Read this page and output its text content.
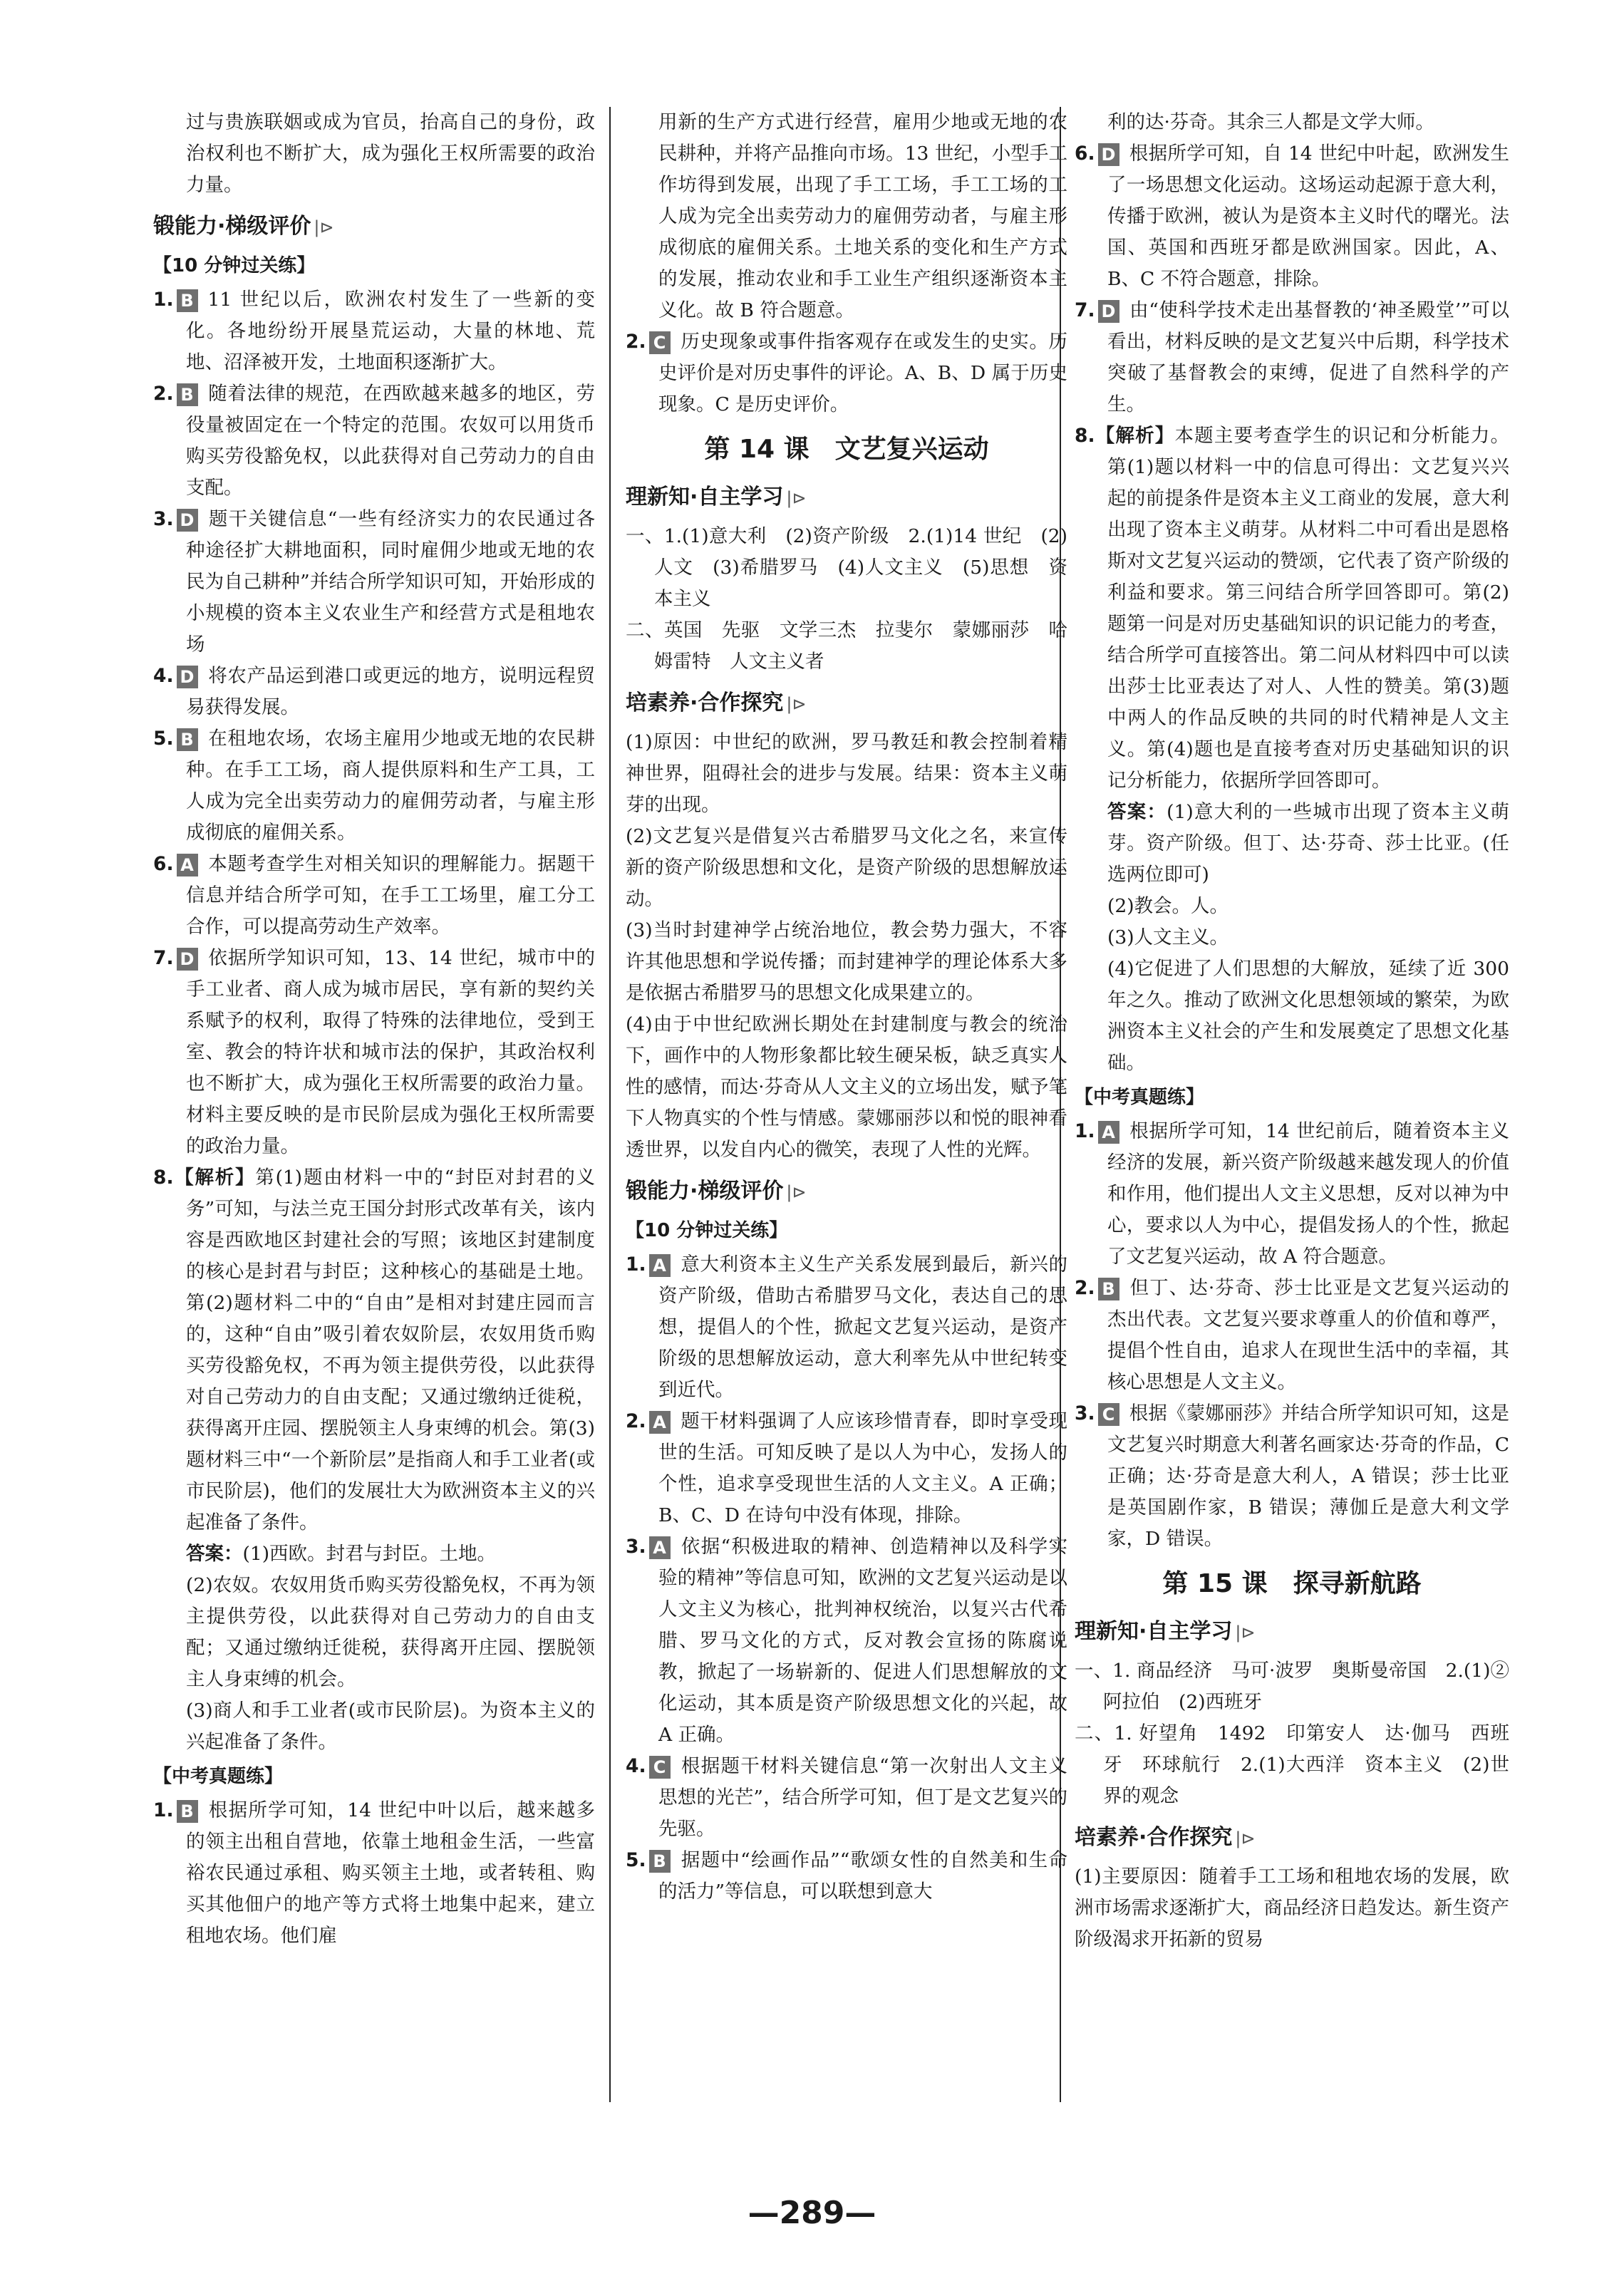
过与贵族联姻或成为官员，抬高自己的身份，政治权利也不断扩大，成为强化王权所需要的政治力量。

锻能力·梯级评价 |⊳
【10 分钟过关练】

1. B 11 世纪以后，欧洲农村发生了一些新的变化。各地纷纷开展垦荒运动，大量的林地、荒地、沼泽被开发，土地面积逐渐扩大。

2. B 随着法律的规范，在西欧越来越多的地区，劳役量被固定在一个特定的范围。农奴可以用货币购买劳役豁免权，以此获得对自己劳动力的自由支配。

3. D 题干关键信息“一些有经济实力的农民通过各种途径扩大耕地面积，同时雇佣少地或无地的农民为自己耕种”并结合所学知识可知，开始形成的小规模的资本主义农业生产和经营方式是租地农场

4. D 将农产品运到港口或更远的地方，说明远程贸易获得发展。

5. B 在租地农场，农场主雇用少地或无地的农民耕种。在手工工场，商人提供原料和生产工具，工人成为完全出卖劳动力的雇佣劳动者，与雇主形成彻底的雇佣关系。

6. A 本题考查学生对相关知识的理解能力。据题干信息并结合所学可知，在手工工场里，雇工分工合作，可以提高劳动生产效率。

7. D 依据所学知识可知，13、14 世纪，城市中的手工业者、商人成为城市居民，享有新的契约关系赋予的权利，取得了特殊的法律地位，受到王室、教会的特许状和城市法的保护，其政治权利也不断扩大，成为强化王权所需要的政治力量。材料主要反映的是市民阶层成为强化王权所需要的政治力量。

8.【解析】第(1)题由材料一中的“封臣对封君的义务”可知，与法兰克王国分封形式改革有关，该内容是西欧地区封建社会的写照；该地区封建制度的核心是封君与封臣；这种核心的基础是土地。第(2)题材料二中的“自由”是相对封建庄园而言的，这种“自由”吸引着农奴阶层，农奴用货币购买劳役豁免权，不再为领主提供劳役，以此获得对自己劳动力的自由支配；又通过缴纳迁徙税，获得离开庄园、摆脱领主人身束缚的机会。第(3)题材料三中“一个新阶层”是指商人和手工业者(或市民阶层)，他们的发展壮大为欧洲资本主义的兴起准备了条件。

答案：(1)西欧。封君与封臣。土地。

(2)农奴。农奴用货币购买劳役豁免权，不再为领主提供劳役，以此获得对自己劳动力的自由支配；又通过缴纳迁徙税，获得离开庄园、摆脱领主人身束缚的机会。

(3)商人和手工业者(或市民阶层)。为资本主义的兴起准备了条件。

【中考真题练】

1. B 根据所学可知，14 世纪中叶以后，越来越多的领主出租自营地，依靠土地租金生活，一些富裕农民通过承租、购买领主土地，或者转租、购买其他佃户的地产等方式将土地集中起来，建立租地农场。他们雇

用新的生产方式进行经营，雇用少地或无地的农民耕种，并将产品推向市场。13 世纪，小型手工作坊得到发展，出现了手工工场，手工工场的工人成为完全出卖劳动力的雇佣劳动者，与雇主形成彻底的雇佣关系。土地关系的变化和生产方式的发展，推动农业和手工业生产组织逐渐资本主义化。故 B 符合题意。

2. C 历史现象或事件指客观存在或发生的史实。历史评价是对历史事件的评论。A、B、D 属于历史现象。C 是历史评价。

第 14 课　文艺复兴运动
理新知·自主学习 |⊳

一、1.(1)意大利　(2)资产阶级　2.(1)14 世纪　(2)人文　(3)希腊罗马　(4)人文主义　(5)思想　资本主义

二、英国　先驱　文学三杰　拉斐尔　蒙娜丽莎　哈姆雷特　人文主义者

培素养·合作探究 |⊳

(1)原因：中世纪的欧洲，罗马教廷和教会控制着精神世界，阻碍社会的进步与发展。结果：资本主义萌芽的出现。

(2)文艺复兴是借复兴古希腊罗马文化之名，来宣传新的资产阶级思想和文化，是资产阶级的思想解放运动。

(3)当时封建神学占统治地位，教会势力强大，不容许其他思想和学说传播；而封建神学的理论体系大多是依据古希腊罗马的思想文化成果建立的。

(4)由于中世纪欧洲长期处在封建制度与教会的统治下，画作中的人物形象都比较生硬呆板，缺乏真实人性的感情，而达·芬奇从人文主义的立场出发，赋予笔下人物真实的个性与情感。蒙娜丽莎以和悦的眼神看透世界，以发自内心的微笑，表现了人性的光辉。

锻能力·梯级评价 |⊳
【10 分钟过关练】

1. A 意大利资本主义生产关系发展到最后，新兴的资产阶级，借助古希腊罗马文化，表达自己的思想，提倡人的个性，掀起文艺复兴运动，是资产阶级的思想解放运动，意大利率先从中世纪转变到近代。

2. A 题干材料强调了人应该珍惜青春，即时享受现世的生活。可知反映了是以人为中心，发扬人的个性，追求享受现世生活的人文主义。A 正确；B、C、D 在诗句中没有体现，排除。

3. A 依据“积极进取的精神、创造精神以及科学实验的精神”等信息可知，欧洲的文艺复兴运动是以人文主义为核心，批判神权统治，以复兴古代希腊、罗马文化的方式，反对教会宣扬的陈腐说教，掀起了一场崭新的、促进人们思想解放的文化运动，其本质是资产阶级思想文化的兴起，故 A 正确。

4. C 根据题干材料关键信息“第一次射出人文主义思想的光芒”，结合所学可知，但丁是文艺复兴的先驱。

5. B 据题中“绘画作品”“歌颂女性的自然美和生命的活力”等信息，可以联想到意大

利的达·芬奇。其余三人都是文学大师。

6. D 根据所学可知，自 14 世纪中叶起，欧洲发生了一场思想文化运动。这场运动起源于意大利，传播于欧洲，被认为是资本主义时代的曙光。法国、英国和西班牙都是欧洲国家。因此，A、B、C 不符合题意，排除。

7. D 由“使科学技术走出基督教的‘神圣殿堂’”可以看出，材料反映的是文艺复兴中后期，科学技术突破了基督教会的束缚，促进了自然科学的产生。

8.【解析】本题主要考查学生的识记和分析能力。第(1)题以材料一中的信息可得出：文艺复兴兴起的前提条件是资本主义工商业的发展，意大利出现了资本主义萌芽。从材料二中可看出是恩格斯对文艺复兴运动的赞颂，它代表了资产阶级的利益和要求。第三问结合所学回答即可。第(2)题第一问是对历史基础知识的识记能力的考查，结合所学可直接答出。第二问从材料四中可以读出莎士比亚表达了对人、人性的赞美。第(3)题中两人的作品反映的共同的时代精神是人文主义。第(4)题也是直接考查对历史基础知识的识记分析能力，依据所学回答即可。

答案：(1)意大利的一些城市出现了资本主义萌芽。资产阶级。但丁、达·芬奇、莎士比亚。(任选两位即可)

(2)教会。人。

(3)人文主义。

(4)它促进了人们思想的大解放，延续了近 300 年之久。推动了欧洲文化思想领域的繁荣，为欧洲资本主义社会的产生和发展奠定了思想文化基础。

【中考真题练】

1. A 根据所学可知，14 世纪前后，随着资本主义经济的发展，新兴资产阶级越来越发现人的价值和作用，他们提出人文主义思想，反对以神为中心，要求以人为中心，提倡发扬人的个性，掀起了文艺复兴运动，故 A 符合题意。

2. B 但丁、达·芬奇、莎士比亚是文艺复兴运动的杰出代表。文艺复兴要求尊重人的价值和尊严，提倡个性自由，追求人在现世生活中的幸福，其核心思想是人文主义。

3. C 根据《蒙娜丽莎》并结合所学知识可知，这是文艺复兴时期意大利著名画家达·芬奇的作品，C 正确；达·芬奇是意大利人，A 错误；莎士比亚是英国剧作家，B 错误；薄伽丘是意大利文学家，D 错误。

第 15 课　探寻新航路
理新知·自主学习 |⊳

一、1. 商品经济　马可·波罗　奥斯曼帝国　2.(1)②阿拉伯　(2)西班牙

二、1. 好望角　1492　印第安人　达·伽马　西班牙　环球航行　2.(1)大西洋　资本主义　(2)世界的观念

培素养·合作探究 |⊳

(1)主要原因：随着手工工场和租地农场的发展，欧洲市场需求逐渐扩大，商品经济日趋发达。新生资产阶级渴求开拓新的贸易

—289—
